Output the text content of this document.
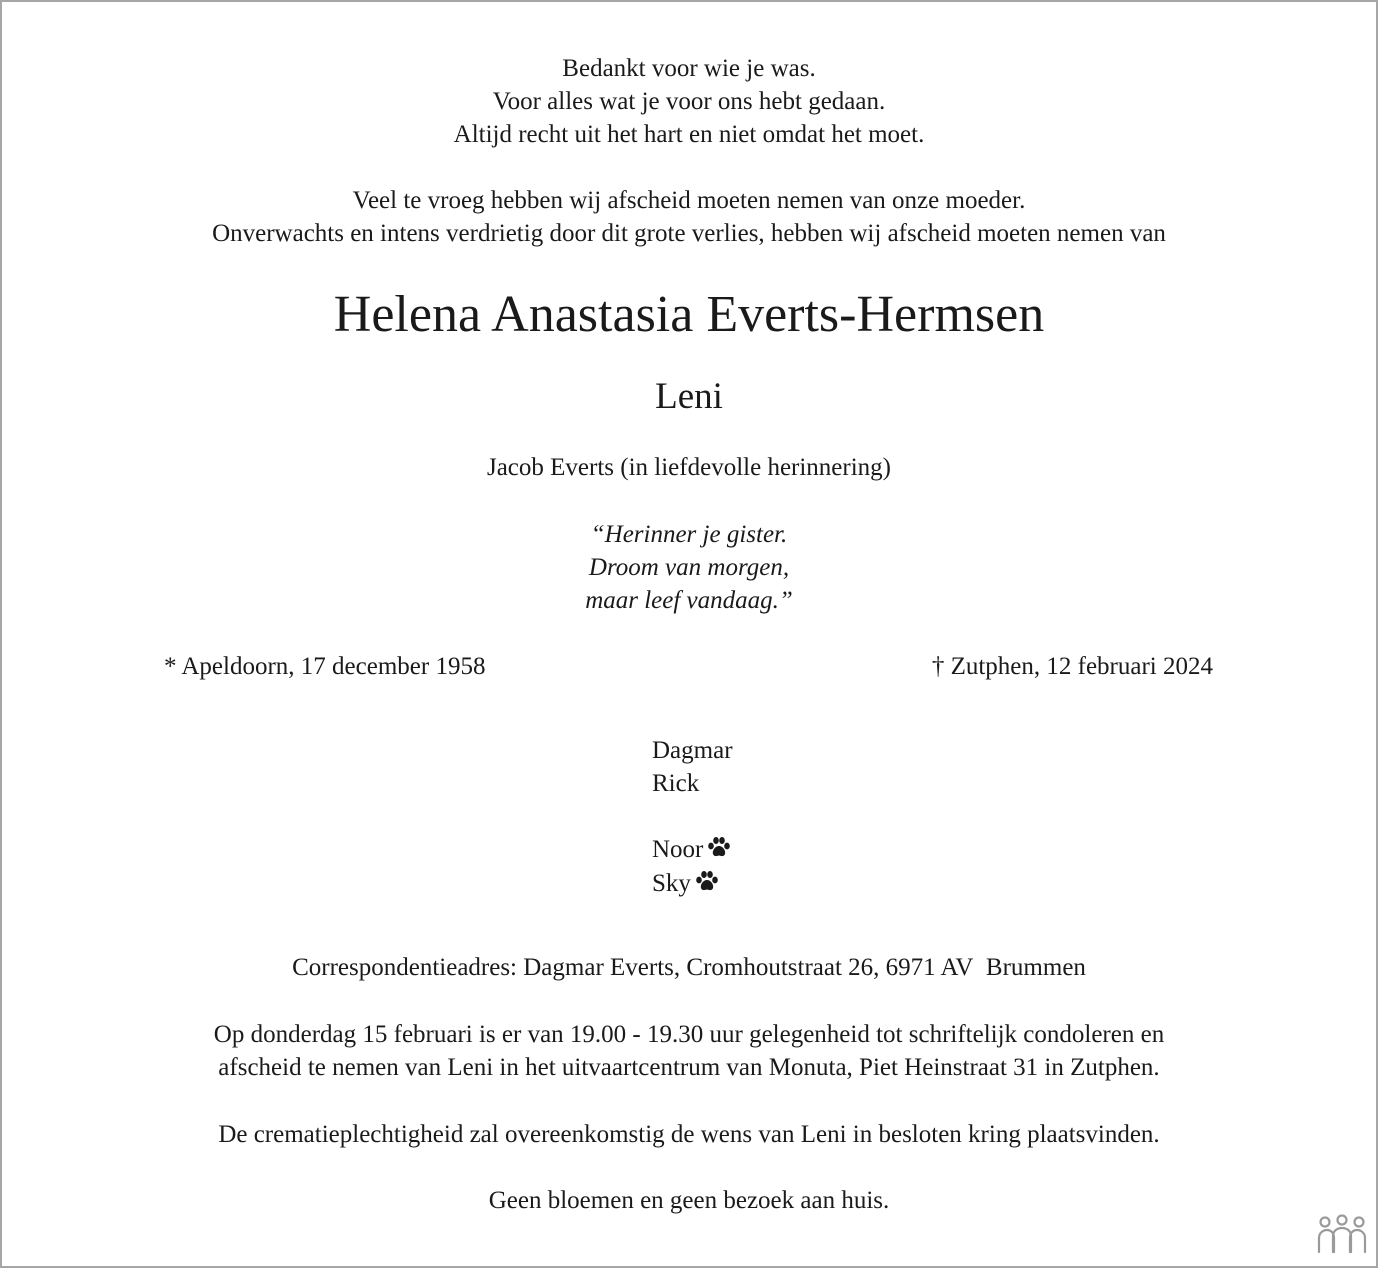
Bedankt voor wie je was.
Voor alles wat je voor ons hebt gedaan.
Altijd recht uit het hart en niet omdat het moet.
Veel te vroeg hebben wij afscheid moeten nemen van onze moeder.
Onverwachts en intens verdrietig door dit grote verlies, hebben wij afscheid moeten nemen van
Helena Anastasia Everts-Hermsen
Leni
Jacob Everts (in liefdevolle herinnering)
“Herinner je gister.
Droom van morgen,
maar leef vandaag.”
* Apeldoorn, 17 december 1958	† Zutphen, 12 februari 2024
Dagmar
Rick
Noor
Sky
Correspondentieadres: Dagmar Everts, Cromhoutstraat 26, 6971 AV  Brummen
Op donderdag 15 februari is er van 19.00 - 19.30 uur gelegenheid tot schriftelijk condoleren en
afscheid te nemen van Leni in het uitvaartcentrum van Monuta, Piet Heinstraat 31 in Zutphen.
De crematieplechtigheid zal overeenkomstig de wens van Leni in besloten kring plaatsvinden.
Geen bloemen en geen bezoek aan huis.
